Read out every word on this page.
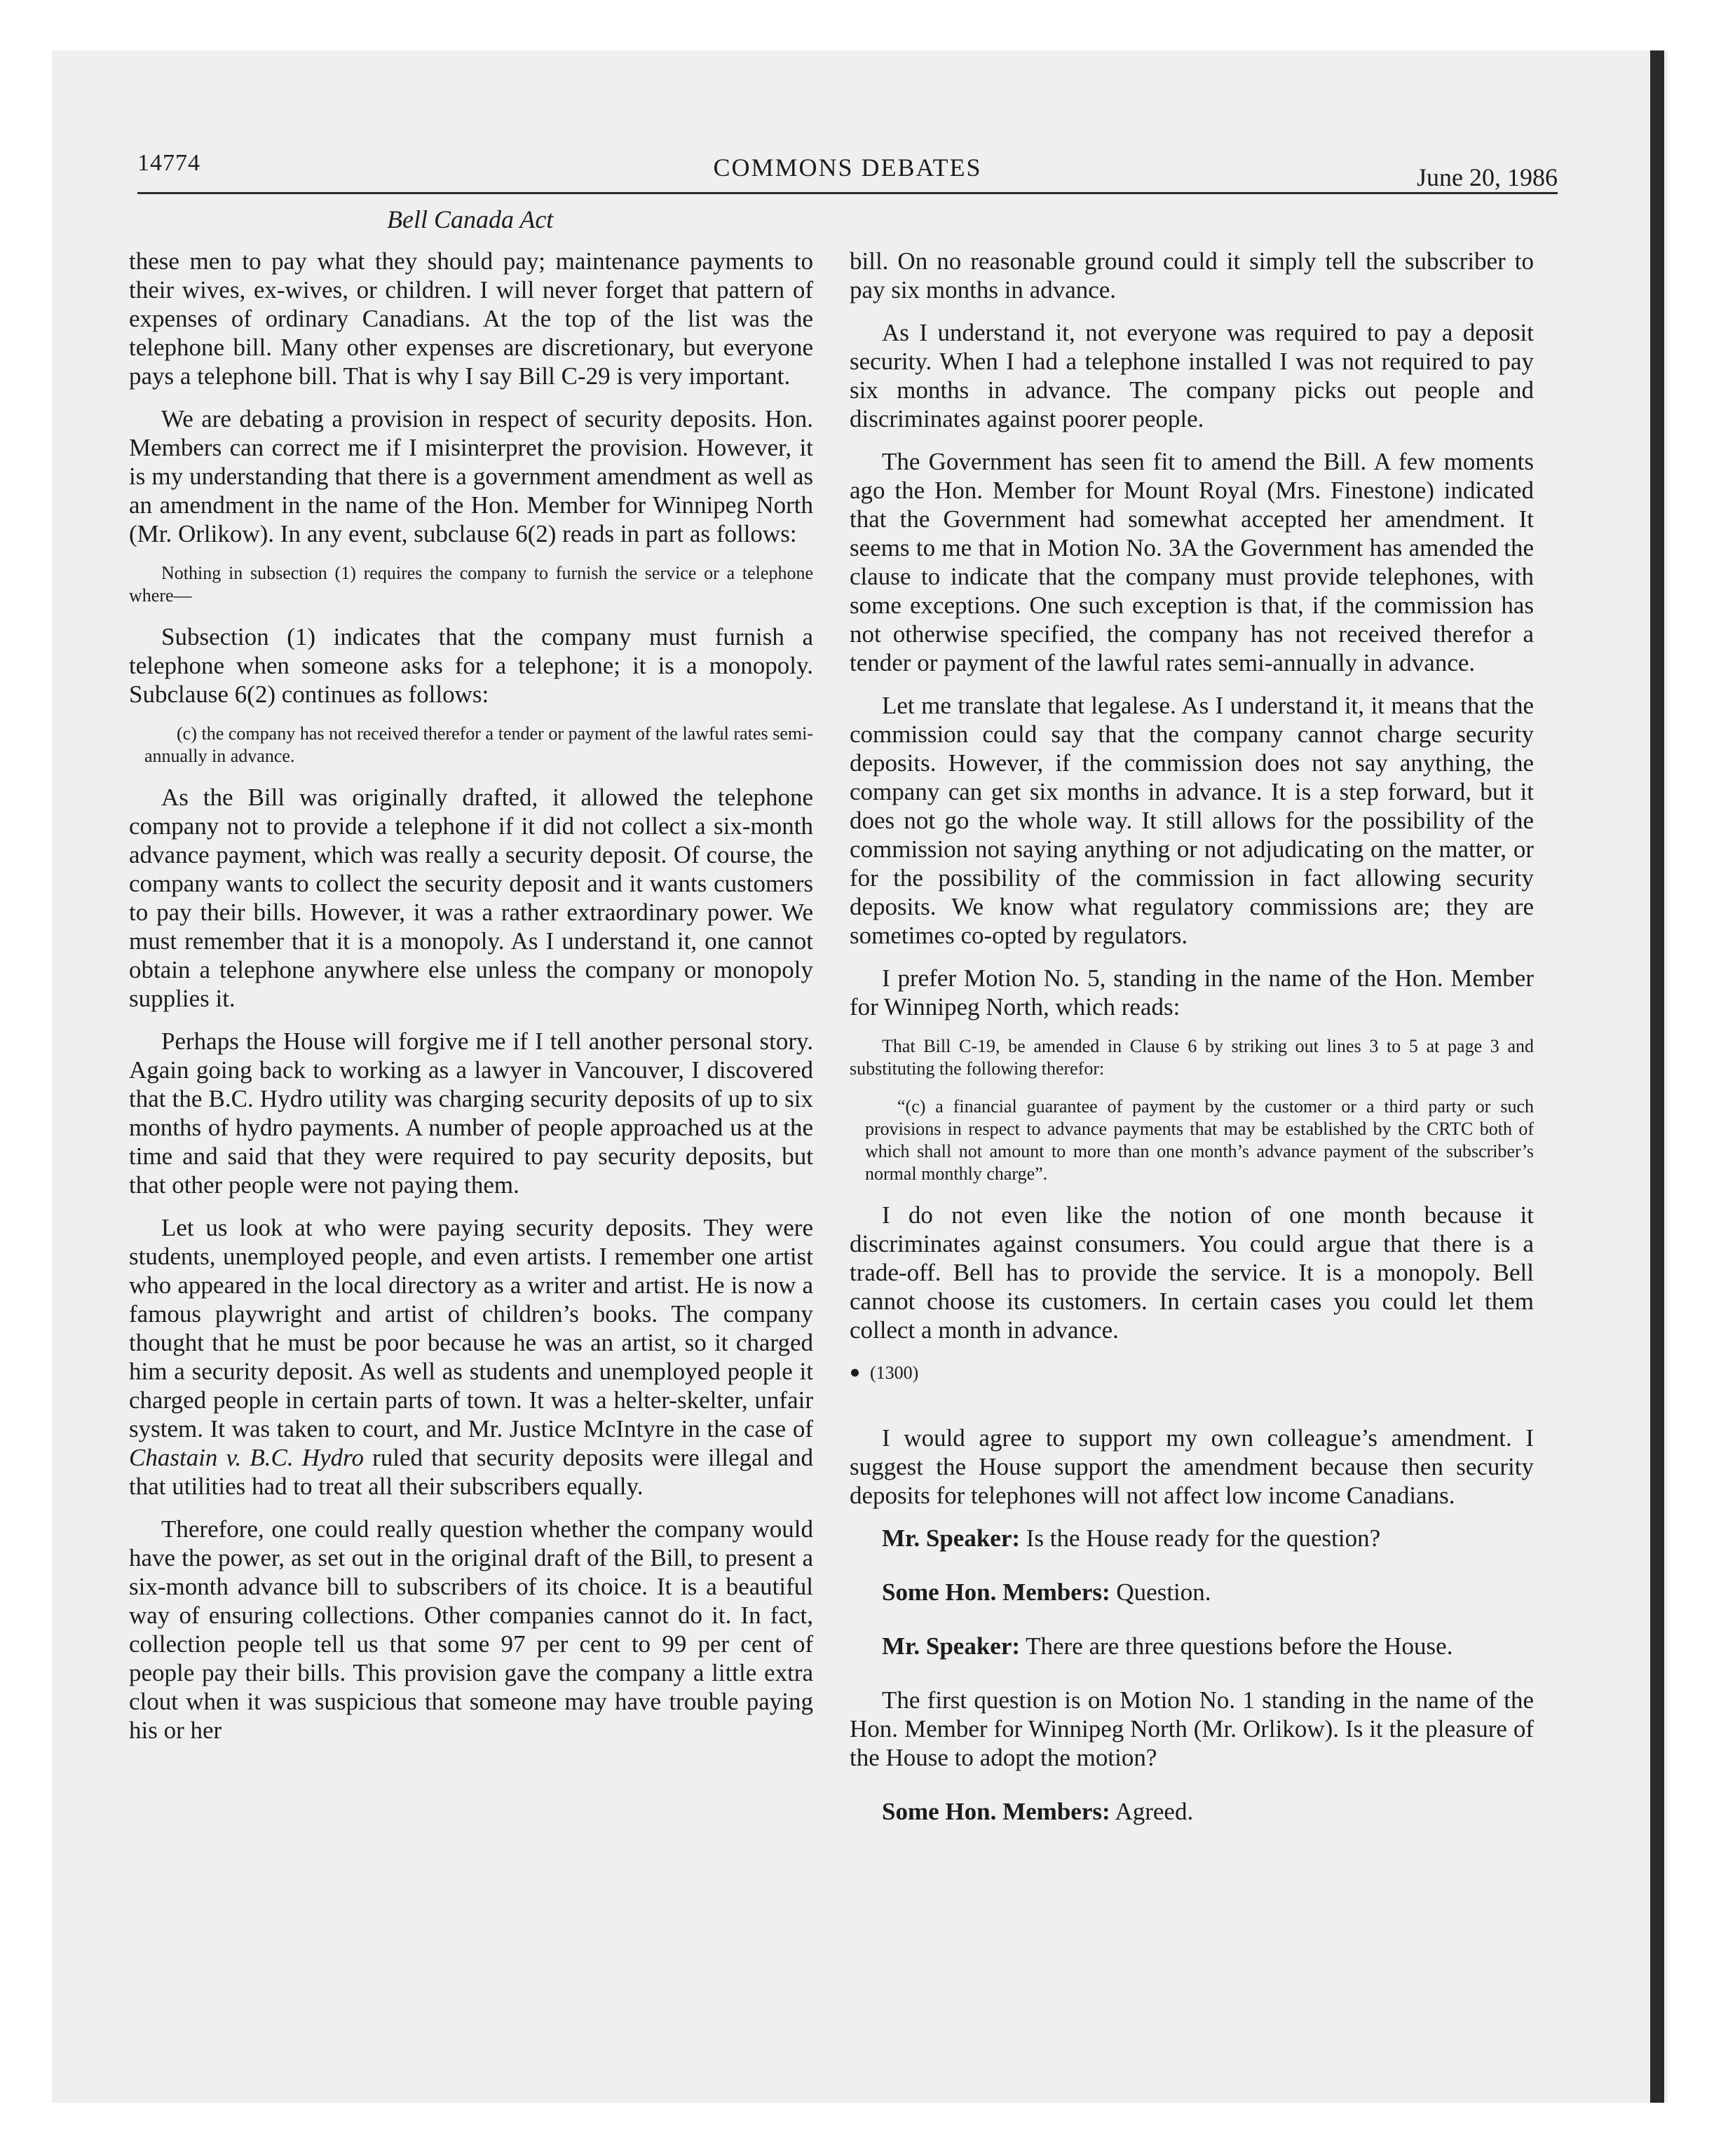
14774	COMMONS DEBATES	June 20, 1986
Bell Canada Act

these men to pay what they should pay; maintenance payments to their wives, ex-wives, or children. I will never forget that pattern of expenses of ordinary Canadians. At the top of the list was the telephone bill. Many other expenses are discretionary, but everyone pays a telephone bill. That is why I say Bill C-29 is very important.

We are debating a provision in respect of security deposits. Hon. Members can correct me if I misinterpret the provision. However, it is my understanding that there is a government amendment as well as an amendment in the name of the Hon. Member for Winnipeg North (Mr. Orlikow). In any event, subclause 6(2) reads in part as follows:

Nothing in subsection (1) requires the company to furnish the service or a telephone where—

Subsection (1) indicates that the company must furnish a telephone when someone asks for a telephone; it is a monopoly. Subclause 6(2) continues as follows:

(c) the company has not received therefor a tender or payment of the lawful rates semi-annually in advance.

As the Bill was originally drafted, it allowed the telephone company not to provide a telephone if it did not collect a six-month advance payment, which was really a security deposit. Of course, the company wants to collect the security deposit and it wants customers to pay their bills. However, it was a rather extraordinary power. We must remember that it is a monopoly. As I understand it, one cannot obtain a telephone anywhere else unless the company or monopoly supplies it.

Perhaps the House will forgive me if I tell another personal story. Again going back to working as a lawyer in Vancouver, I discovered that the B.C. Hydro utility was charging security deposits of up to six months of hydro payments. A number of people approached us at the time and said that they were required to pay security deposits, but that other people were not paying them.

Let us look at who were paying security deposits. They were students, unemployed people, and even artists. I remember one artist who appeared in the local directory as a writer and artist. He is now a famous playwright and artist of children’s books. The company thought that he must be poor because he was an artist, so it charged him a security deposit. As well as students and unemployed people it charged people in certain parts of town. It was a helter-skelter, unfair system. It was taken to court, and Mr. Justice McIntyre in the case of Chastain v. B.C. Hydro ruled that security deposits were illegal and that utilities had to treat all their subscribers equally.

Therefore, one could really question whether the company would have the power, as set out in the original draft of the Bill, to present a six-month advance bill to subscribers of its choice. It is a beautiful way of ensuring collections. Other companies cannot do it. In fact, collection people tell us that some 97 per cent to 99 per cent of people pay their bills. This provision gave the company a little extra clout when it was suspicious that someone may have trouble paying his or her

bill. On no reasonable ground could it simply tell the subscriber to pay six months in advance.

As I understand it, not everyone was required to pay a deposit security. When I had a telephone installed I was not required to pay six months in advance. The company picks out people and discriminates against poorer people.

The Government has seen fit to amend the Bill. A few moments ago the Hon. Member for Mount Royal (Mrs. Finestone) indicated that the Government had somewhat accepted her amendment. It seems to me that in Motion No. 3A the Government has amended the clause to indicate that the company must provide telephones, with some exceptions. One such exception is that, if the commission has not otherwise specified, the company has not received therefor a tender or payment of the lawful rates semi-annually in advance.

Let me translate that legalese. As I understand it, it means that the commission could say that the company cannot charge security deposits. However, if the commission does not say anything, the company can get six months in advance. It is a step forward, but it does not go the whole way. It still allows for the possibility of the commission not saying anything or not adjudicating on the matter, or for the possibility of the commission in fact allowing security deposits. We know what regulatory commissions are; they are sometimes co-opted by regulators.

I prefer Motion No. 5, standing in the name of the Hon. Member for Winnipeg North, which reads:

That Bill C-19, be amended in Clause 6 by striking out lines 3 to 5 at page 3 and substituting the following therefor:

“(c) a financial guarantee of payment by the customer or a third party or such provisions in respect to advance payments that may be established by the CRTC both of which shall not amount to more than one month’s advance payment of the subscriber’s normal monthly charge”.

I do not even like the notion of one month because it discriminates against consumers. You could argue that there is a trade-off. Bell has to provide the service. It is a monopoly. Bell cannot choose its customers. In certain cases you could let them collect a month in advance.

(1300)

I would agree to support my own colleague’s amendment. I suggest the House support the amendment because then security deposits for telephones will not affect low income Canadians.

Mr. Speaker: Is the House ready for the question?

Some Hon. Members: Question.

Mr. Speaker: There are three questions before the House.

The first question is on Motion No. 1 standing in the name of the Hon. Member for Winnipeg North (Mr. Orlikow). Is it the pleasure of the House to adopt the motion?

Some Hon. Members: Agreed.
